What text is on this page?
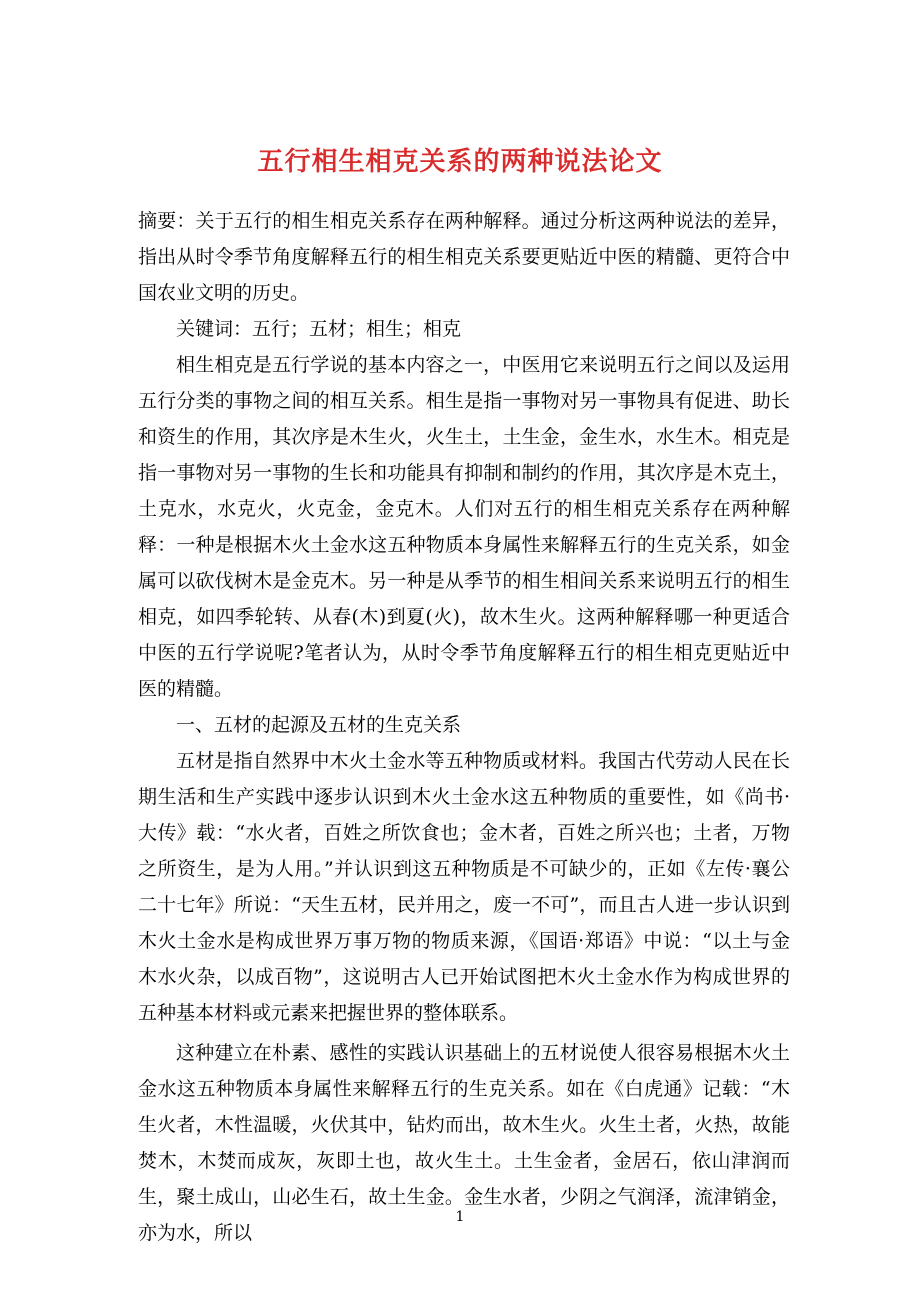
五行相生相克关系的两种说法论文

摘要：关于五行的相生相克关系存在两种解释。通过分析这两种说法的差异，指出从时令季节角度解释五行的相生相克关系要更贴近中医的精髓、更符合中国农业文明的历史。

关键词：五行；五材；相生；相克

相生相克是五行学说的基本内容之一，中医用它来说明五行之间以及运用五行分类的事物之间的相互关系。相生是指一事物对另一事物具有促进、助长和资生的作用，其次序是木生火，火生土，土生金，金生水，水生木。相克是指一事物对另一事物的生长和功能具有抑制和制约的作用，其次序是木克土，土克水，水克火，火克金，金克木。人们对五行的相生相克关系存在两种解释：一种是根据木火土金水这五种物质本身属性来解释五行的生克关系，如金属可以砍伐树木是金克木。另一种是从季节的相生相间关系来说明五行的相生相克，如四季轮转、从春(木)到夏(火)，故木生火。这两种解释哪一种更适合中医的五行学说呢?笔者认为，从时令季节角度解释五行的相生相克更贴近中医的精髓。

一、五材的起源及五材的生克关系

五材是指自然界中木火土金水等五种物质或材料。我国古代劳动人民在长期生活和生产实践中逐步认识到木火土金水这五种物质的重要性，如《尚书·大传》载：“水火者，百姓之所饮食也；金木者，百姓之所兴也；土者，万物之所资生，是为人用。”并认识到这五种物质是不可缺少的，正如《左传·襄公二十七年》所说：“天生五材，民并用之，废一不可”，而且古人进一步认识到木火土金水是构成世界万事万物的物质来源，《国语·郑语》中说：“以土与金木水火杂，以成百物”，这说明古人已开始试图把木火土金水作为构成世界的五种基本材料或元素来把握世界的整体联系。

这种建立在朴素、感性的实践认识基础上的五材说使人很容易根据木火土金水这五种物质本身属性来解释五行的生克关系。如在《白虎通》记载：“木生火者，木性温暖，火伏其中，钻灼而出，故木生火。火生土者，火热，故能焚木，木焚而成灰，灰即土也，故火生土。土生金者，金居石，依山津润而生，聚土成山，山必生石，故土生金。金生水者，少阴之气润泽，流津销金，亦为水，所以

1
